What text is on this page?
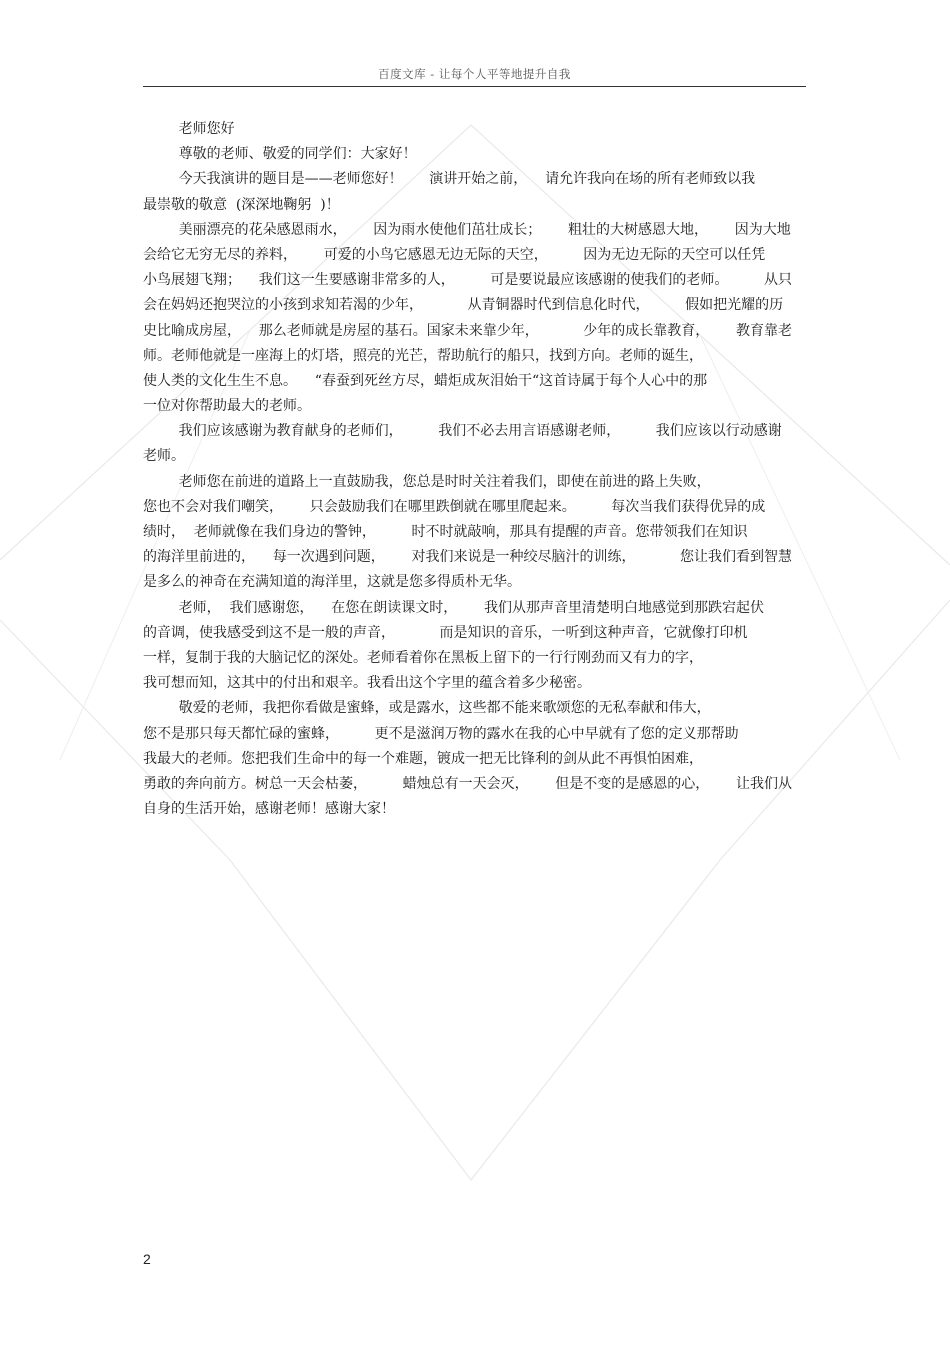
百度文库 - 让每个人平等地提升自我
老师您好
尊敬的老师、敬爱的同学们：大家好！
今天我演讲的题目是——老师您好！      演讲开始之前，    请允许我向在场的所有老师致以我
最崇敬的敬意  (深深地鞠躬  )！
美丽漂亮的花朵感恩雨水，      因为雨水使他们茁壮成长；      粗壮的大树感恩大地，      因为大地
会给它无穷无尽的养料，      可爱的小鸟它感恩无边无际的天空，        因为无边无际的天空可以任凭
小鸟展翅飞翔；    我们这一生要感谢非常多的人，        可是要说最应该感谢的使我们的老师。        从只
会在妈妈还抱哭泣的小孩到求知若渴的少年，          从青铜器时代到信息化时代，        假如把光耀的历
史比喻成房屋，    那么老师就是房屋的基石。国家未来靠少年，          少年的成长靠教育，      教育靠老
师。老师他就是一座海上的灯塔，照亮的光芒，帮助航行的船只，找到方向。老师的诞生，
使人类的文化生生不息。    “春蚕到死丝方尽，蜡炬成灰泪始干“这首诗属于每个人心中的那
一位对你帮助最大的老师。
我们应该感谢为教育献身的老师们，        我们不必去用言语感谢老师，        我们应该以行动感谢
老师。
老师您在前进的道路上一直鼓励我，您总是时时关注着我们，即使在前进的路上失败，
您也不会对我们嘲笑，      只会鼓励我们在哪里跌倒就在哪里爬起来。        每次当我们获得优异的成
绩时，  老师就像在我们身边的警钟，        时不时就敲响，那具有提醒的声音。您带领我们在知识
的海洋里前进的，    每一次遇到问题，      对我们来说是一种绞尽脑汁的训练，          您让我们看到智慧
是多么的神奇在充满知道的海洋里，这就是您多得质朴无华。
老师，  我们感谢您，    在您在朗读课文时，      我们从那声音里清楚明白地感觉到那跌宕起伏
的音调，使我感受到这不是一般的声音，          而是知识的音乐，一听到这种声音，它就像打印机
一样，复制于我的大脑记忆的深处。老师看着你在黑板上留下的一行行刚劲而又有力的字，
我可想而知，这其中的付出和艰辛。我看出这个字里的蕴含着多少秘密。
敬爱的老师，我把你看做是蜜蜂，或是露水，这些都不能来歌颂您的无私奉献和伟大，
您不是那只每天都忙碌的蜜蜂，        更不是滋润万物的露水在我的心中早就有了您的定义那帮助
我最大的老师。您把我们生命中的每一个难题，镀成一把无比锋利的剑从此不再惧怕困难，
勇敢的奔向前方。树总一天会枯萎，        蜡烛总有一天会灭，      但是不变的是感恩的心，      让我们从
自身的生活开始，感谢老师！感谢大家！
2
